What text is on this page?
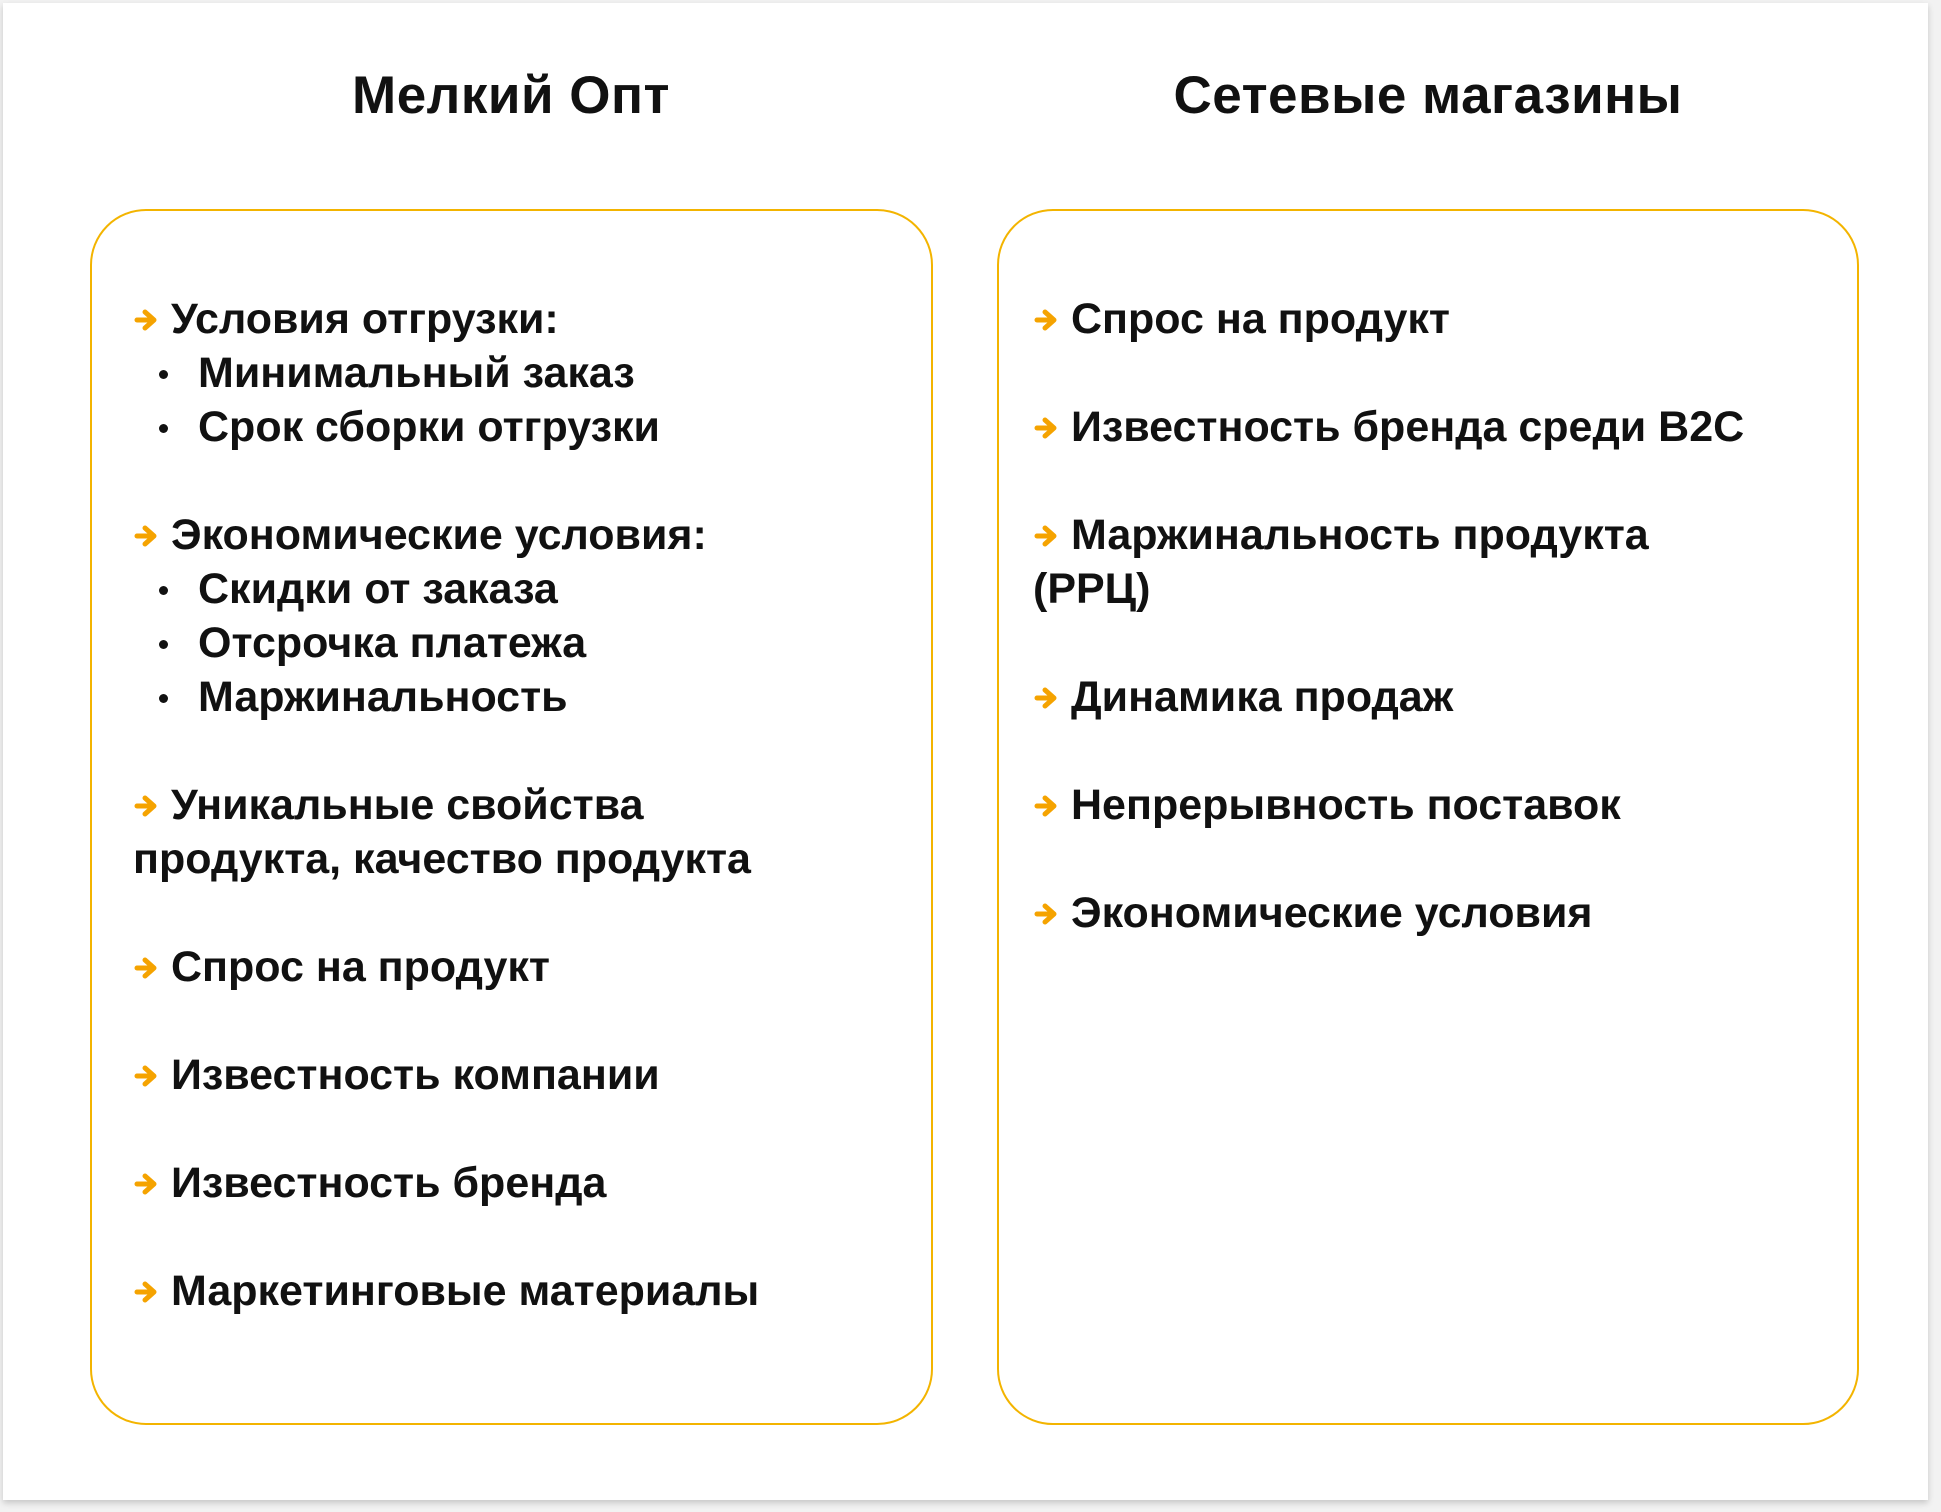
Мелкий Опт	Сетевые магазины
Условия отгрузки:
Минимальный заказ
Срок сборки отгрузки
Экономические условия:
Скидки от заказа
Отсрочка платежа
Маржинальность
Уникальные свойства
продукта, качество продукта
Спрос на продукт
Известность компании
Известность бренда
Маркетинговые материалы
Спрос на продукт
Известность бренда среди B2C
Маржинальность продукта
(РРЦ)
Динамика продаж
Непрерывность поставок
Экономические условия
